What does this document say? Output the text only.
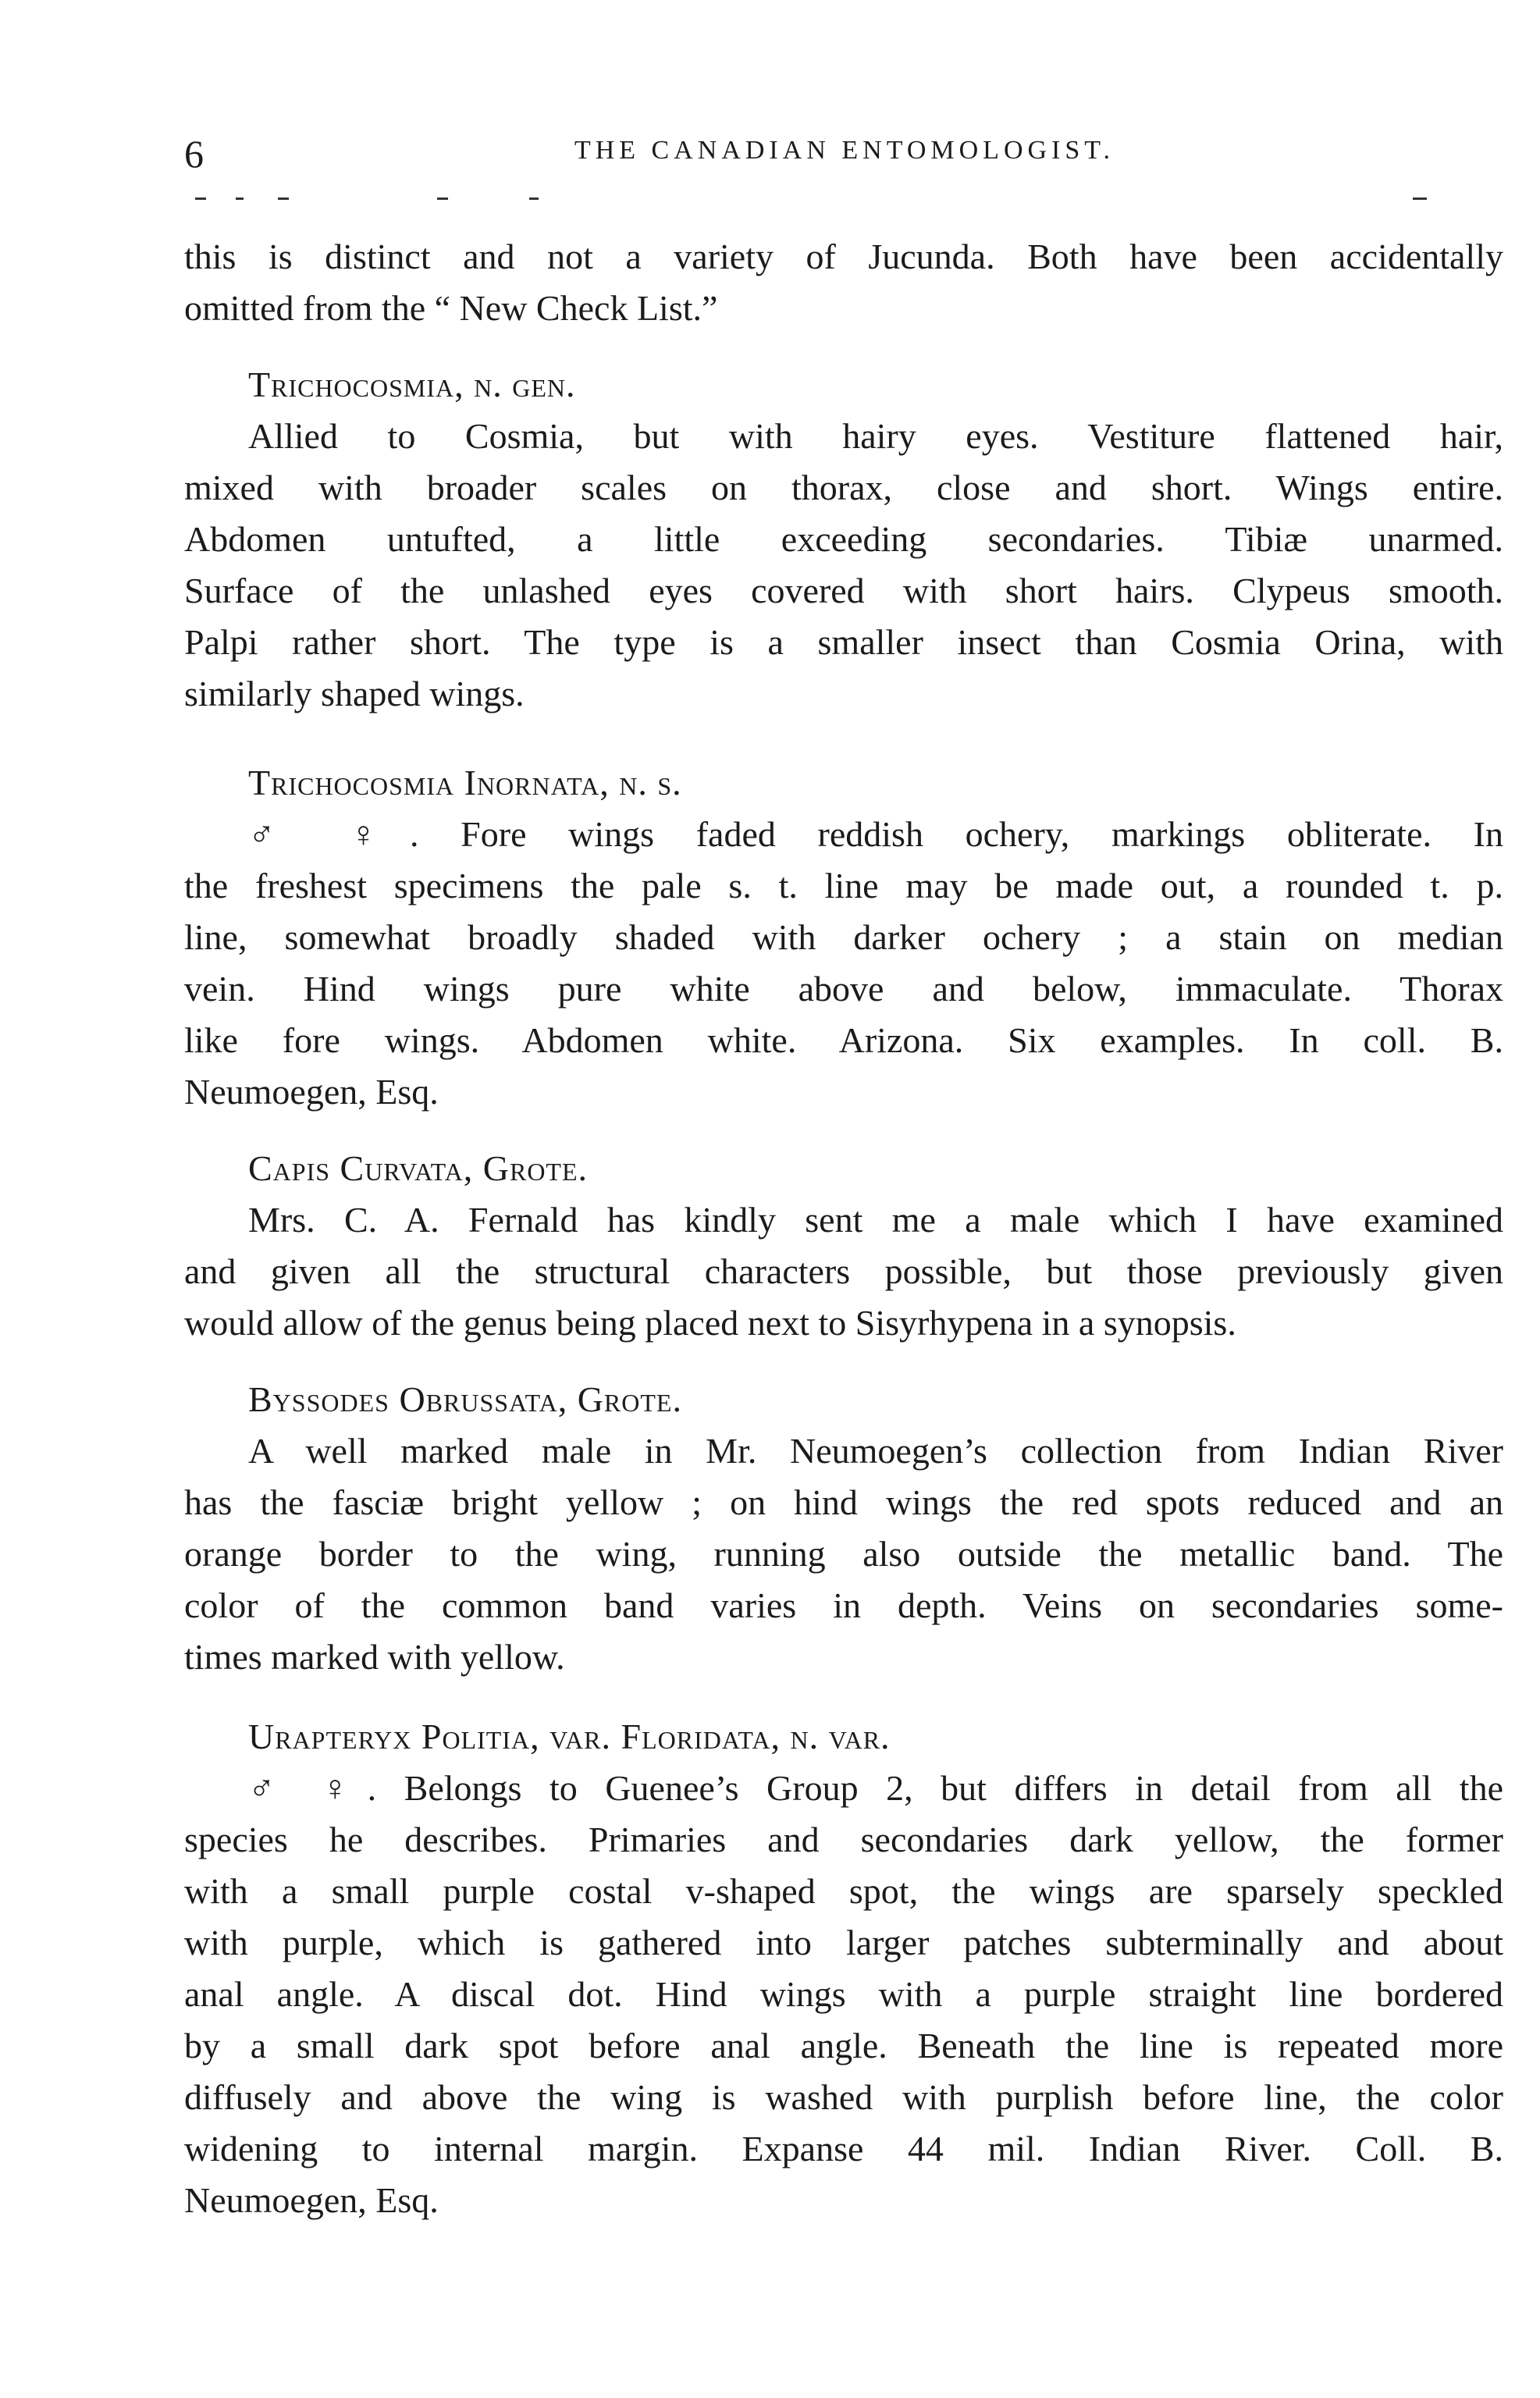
6	THE CANADIAN ENTOMOLOGIST.
this is distinct and not a variety of Jucunda. Both have been accidentally
omitted from the “ New Check List.”
Trichocosmia, n. gen.
Allied to Cosmia, but with hairy eyes. Vestiture flattened hair,
mixed with broader scales on thorax, close and short. Wings entire.
Abdomen untufted, a little exceeding secondaries. Tibiæ unarmed.
Surface of the unlashed eyes covered with short hairs. Clypeus smooth.
Palpi rather short. The type is a smaller insect than Cosmia Orina, with
similarly shaped wings.
Trichocosmia Inornata, n. s.
♂ ♀. Fore wings faded reddish ochery, markings obliterate. In
the freshest specimens the pale s. t. line may be made out, a rounded t. p.
line, somewhat broadly shaded with darker ochery ; a stain on median
vein. Hind wings pure white above and below, immaculate. Thorax
like fore wings. Abdomen white. Arizona. Six examples. In coll. B.
Neumoegen, Esq.
Capis Curvata, Grote.
Mrs. C. A. Fernald has kindly sent me a male which I have examined
and given all the structural characters possible, but those previously given
would allow of the genus being placed next to Sisyrhypena in a synopsis.
Byssodes Obrussata, Grote.
A well marked male in Mr. Neumoegen’s collection from Indian River
has the fasciæ bright yellow ; on hind wings the red spots reduced and an
orange border to the wing, running also outside the metallic band. The
color of the common band varies in depth. Veins on secondaries some-
times marked with yellow.
Urapteryx Politia, var. Floridata, n. var.
♂ ♀. Belongs to Guenee’s Group 2, but differs in detail from all the
species he describes. Primaries and secondaries dark yellow, the former
with a small purple costal v-shaped spot, the wings are sparsely speckled
with purple, which is gathered into larger patches subterminally and about
anal angle. A discal dot. Hind wings with a purple straight line bordered
by a small dark spot before anal angle. Beneath the line is repeated more
diffusely and above the wing is washed with purplish before line, the color
widening to internal margin. Expanse 44 mil. Indian River. Coll. B.
Neumoegen, Esq.
